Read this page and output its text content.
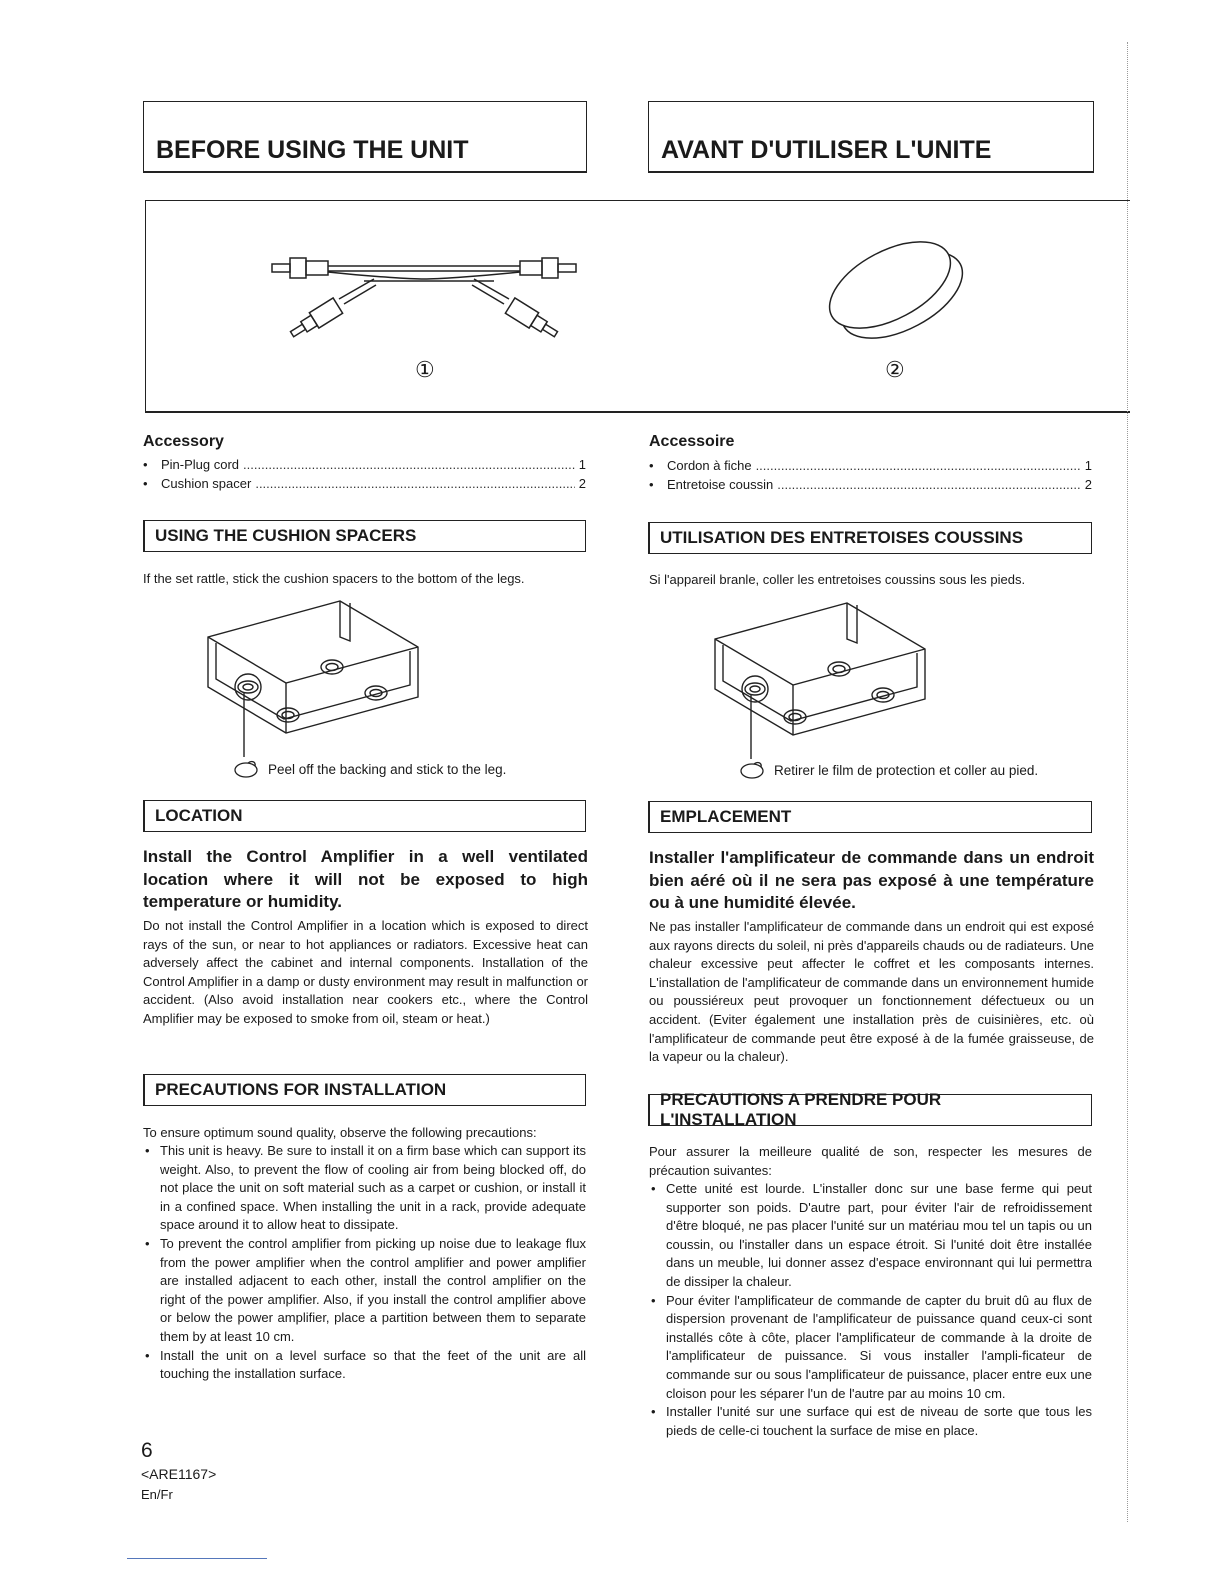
BEFORE USING THE UNIT	AVANT D'UTILISER L'UNITE
①	②
Accessory
•	Pin-Plug cord .....	1
•	Cushion spacer .....	2
Accessoire
•	Cordon à fiche .....	1
•	Entretoise coussin .....	2
USING THE CUSHION SPACERS	UTILISATION DES ENTRETOISES COUSSINS

If the set rattle, stick the cushion spacers to the bottom of the legs.	Si l'appareil branle, coller les entretoises coussins sous les pieds.

Peel off the backing and stick to the leg.	Retirer le film de protection et coller au pied.
LOCATION	EMPLACEMENT

Install the Control Amplifier in a well ventilated location where it will not be exposed to high temperature or humidity.

Do not install the Control Amplifier in a location which is exposed to direct rays of the sun, or near to hot appliances or radiators. Excessive heat can adversely affect the cabinet and internal components. Installation of the Control Amplifier in a damp or dusty environment may result in malfunction or accident. (Also avoid installation near cookers etc., where the Control Amplifier may be exposed to smoke from oil, steam or heat.)

Installer l'amplificateur de commande dans un endroit bien aéré où il ne sera pas exposé à une température ou à une humidité élevée.

Ne pas installer l'amplificateur de commande dans un endroit qui est exposé aux rayons directs du soleil, ni près d'appareils chauds ou de radiateurs. Une chaleur excessive peut affecter le coffret et les composants internes. L'installation de l'amplificateur de commande dans un environnement humide ou poussiéreux peut provoquer un fonctionnement défectueux ou un accident. (Eviter également une installation près de cuisinières, etc. où l'amplificateur de commande peut être exposé à de la fumée graisseuse, de la vapeur ou la chaleur).

PRECAUTIONS FOR INSTALLATION

To ensure optimum sound quality, observe the following precautions:

• This unit is heavy. Be sure to install it on a firm base which can support its weight. Also, to prevent the flow of cooling air from being blocked off, do not place the unit on soft material such as a carpet or cushion, or install it in a confined space. When installing the unit in a rack, provide adequate space around it to allow heat to dissipate.
• To prevent the control amplifier from picking up noise due to leakage flux from the power amplifier when the control amplifier and power amplifier are installed adjacent to each other, install the control amplifier on the right of the power amplifier. Also, if you install the control amplifier above or below the power amplifier, place a partition between them to separate them by at least 10 cm.
• Install the unit on a level surface so that the feet of the unit are all touching the installation surface.
PRECAUTIONS A PRENDRE POUR L'INSTALLATION

Pour assurer la meilleure qualité de son, respecter les mesures de précaution suivantes:

• Cette unité est lourde. L'installer donc sur une base ferme qui peut supporter son poids. D'autre part, pour éviter l'air de refroidissement d'être bloqué, ne pas placer l'unité sur un matériau mou tel un tapis ou un coussin, ou l'installer dans un espace étroit. Si l'unité doit être installée dans un meuble, lui donner assez d'espace environnant qui lui permettra de dissiper la chaleur.
• Pour éviter l'amplificateur de commande de capter du bruit dû au flux de dispersion provenant de l'amplificateur de puissance quand ceux-ci sont installés côte à côte, placer l'amplificateur de commande à la droite de l'amplificateur de puissance. Si vous installer l'ampli-ficateur de commande sur ou sous l'amplificateur de puissance, placer entre eux une cloison pour les séparer l'un de l'autre par au moins 10 cm.
• Installer l'unité sur une surface qui est de niveau de sorte que tous les pieds de celle-ci touchent la surface de mise en place.
6
<ARE1167>
En/Fr
